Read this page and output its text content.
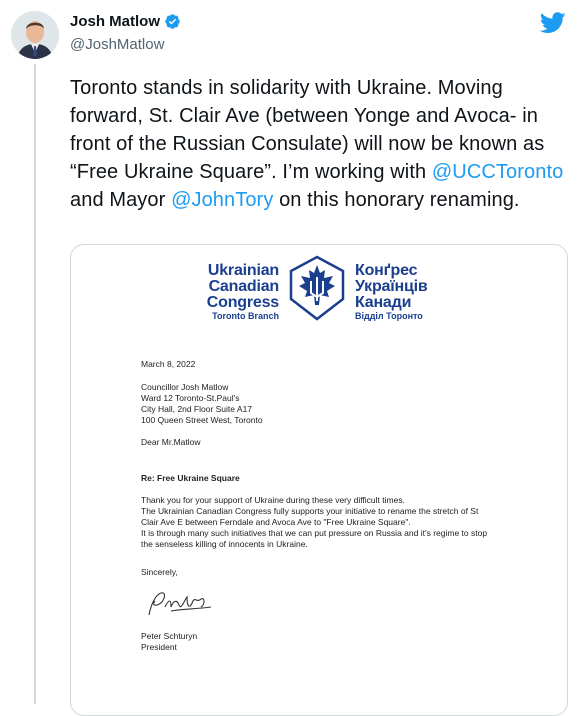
Josh Matlow
@JoshMatlow
Toronto stands in solidarity with Ukraine. Moving forward, St. Clair Ave (between Yonge and Avoca- in front of the Russian Consulate) will now be known as “Free Ukraine Square”. I’m working with @UCCToronto and Mayor @JohnTory on this honorary renaming.
Ukrainian
Canadian
Congress
Toronto Branch
Конґрес
Українців
Канади
Відділ Торонто
March 8, 2022

Councillor Josh Matlow

Ward 12 Toronto-St.Paul's

City Hall, 2nd Floor Suite A17

100 Queen Street West, Toronto

Dear Mr.Matlow
Re: Free Ukraine Square

Thank you for your support of Ukraine during these very difficult times.

The Ukrainian Canadian Congress fully supports your initiative to rename the stretch of St Clair Ave E between Ferndale and Avoca Ave to "Free Ukraine Square".

It is through many such initiatives that we can put pressure on Russia and it's regime to stop the senseless killing of innocents in Ukraine.

Sincerely,

Peter Schturyn

President
